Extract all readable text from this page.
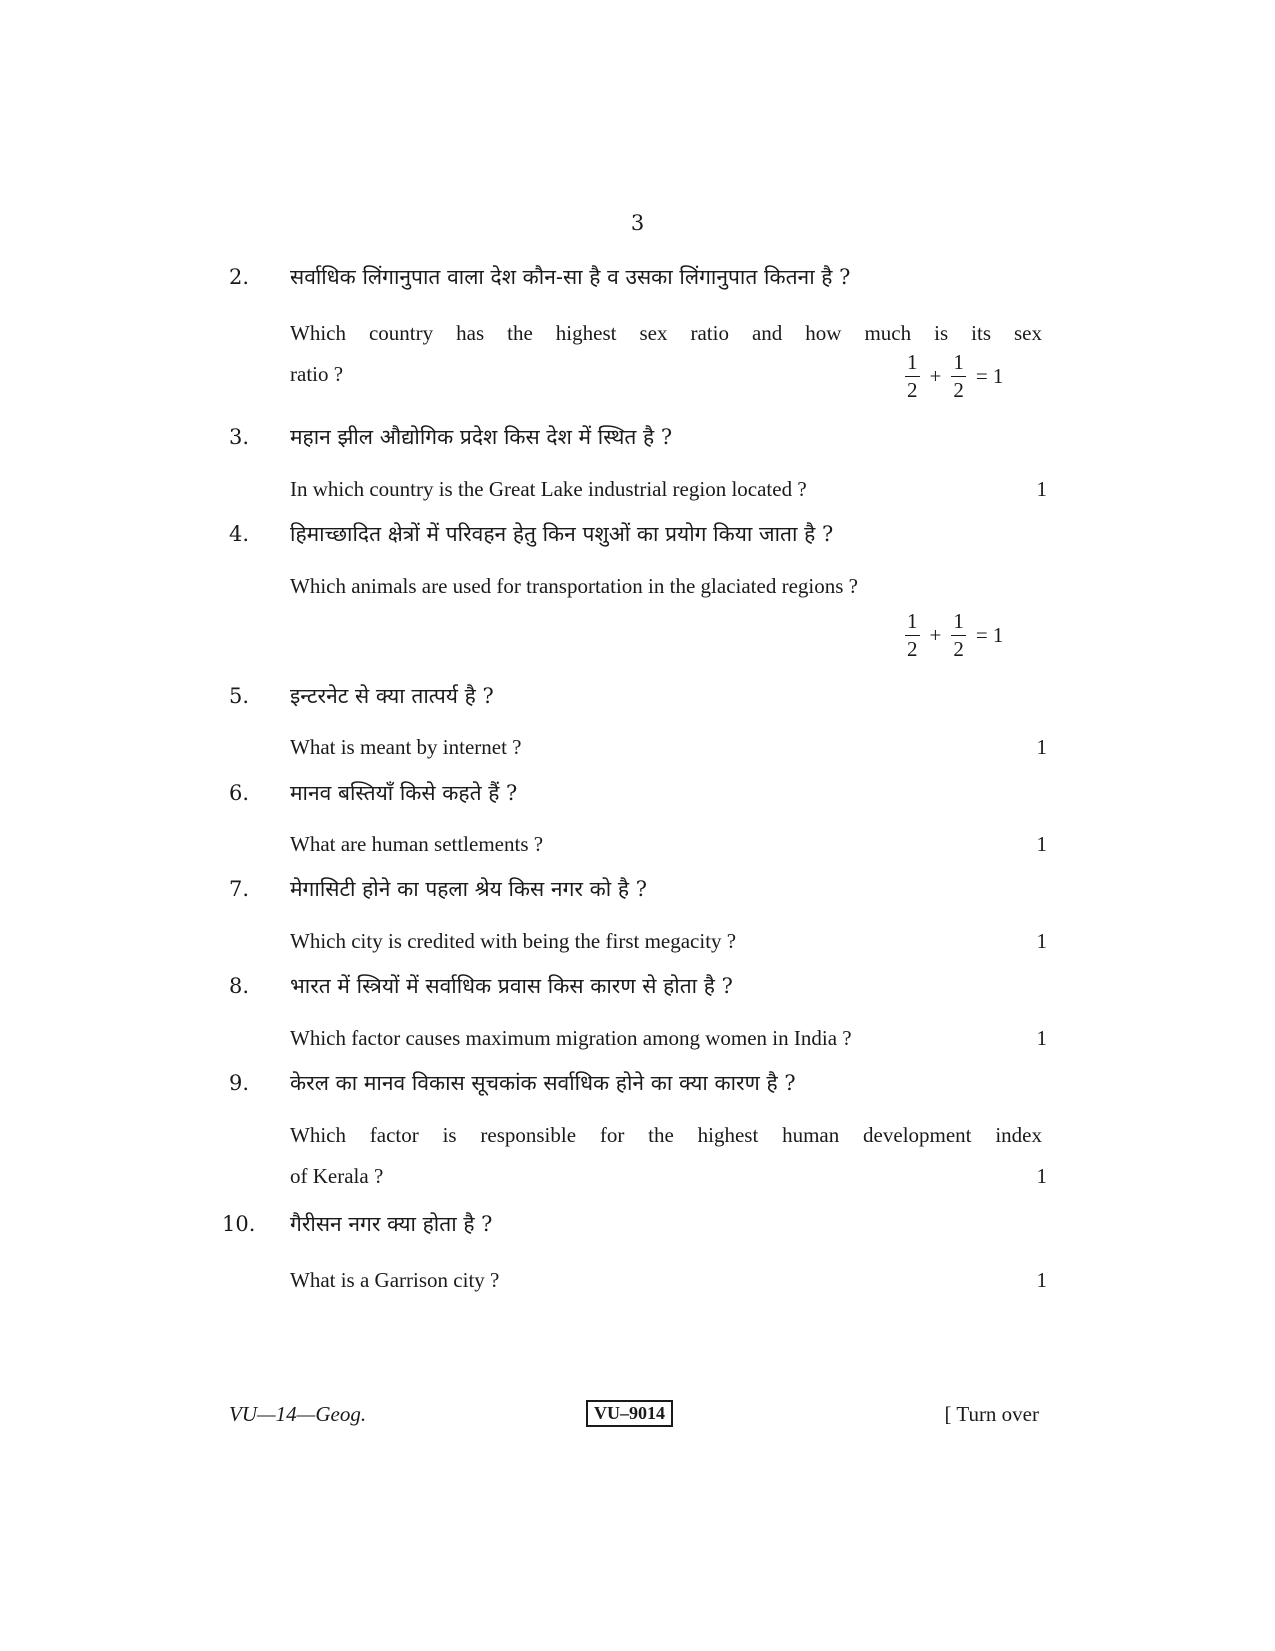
3
2. सर्वाधिक लिंगानुपात वाला देश कौन-सा है व उसका लिंगानुपात कितना है ?
Which country has the highest sex ratio and how much is its sex
ratio ?	$\frac{1}{2} + \frac{1}{2} = 1$
3. महान झील औद्योगिक प्रदेश किस देश में स्थित है ?
In which country is the Great Lake industrial region located ?	1
4. हिमाच्छादित क्षेत्रों में परिवहन हेतु किन पशुओं का प्रयोग किया जाता है ?
Which animals are used for transportation in the glaciated regions ?
$\frac{1}{2} + \frac{1}{2} = 1$
5. इन्टरनेट से क्या तात्पर्य है ?
What is meant by internet ?	1
6. मानव बस्तियाँ किसे कहते हैं ?
What are human settlements ?	1
7. मेगासिटी होने का पहला श्रेय किस नगर को है ?
Which city is credited with being the first megacity ?	1
8. भारत में स्त्रियों में सर्वाधिक प्रवास किस कारण से होता है ?
Which factor causes maximum migration among women in India ?	1
9. केरल का मानव विकास सूचकांक सर्वाधिक होने का क्या कारण है ?
Which factor is responsible for the highest human development index
of Kerala ?	1
10. गैरीसन नगर क्या होता है ?
What is a Garrison city ?	1
VU—14—Geog.	VU–9014	[ Turn over
